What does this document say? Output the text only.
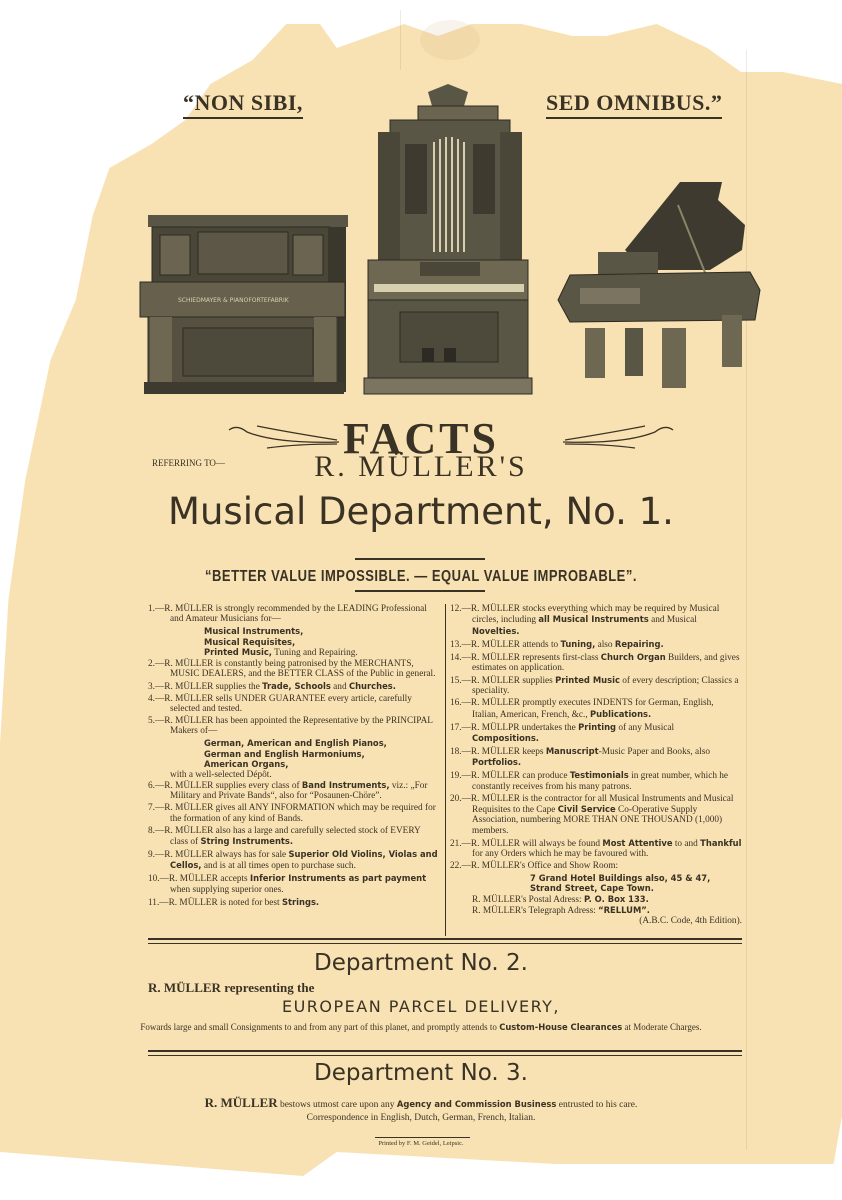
“NON SIBI,	SED OMNIBUS.”
SCHIEDMAYER & PIANOFORTEFABRIK
FACTS
REFERRING TO—	R. MÜLLER'S
Musical Department, No. 1.
“BETTER VALUE IMPOSSIBLE. — EQUAL VALUE IMPROBABLE”.
1.—R. MÜLLER is strongly recommended by the LEADING Professional and Amateur Musicians for—
Musical Instruments,
Musical Requisites,
Printed Music, Tuning and Repairing.
2.—R. MÜLLER is constantly being patronised by the MERCHANTS, MUSIC DEALERS, and the BETTER CLASS of the Public in general.
3.—R. MÜLLER supplies the Trade, Schools and Churches.
4.—R. MÜLLER sells UNDER GUARANTEE every article, carefully selected and tested.
5.—R. MÜLLER has been appointed the Representative by the PRINCIPAL Makers of—
German, American and English Pianos,
German and English Harmoniums,
American Organs,
with a well-selected Dépôt.
6.—R. MÜLLER supplies every class of Band Instruments, viz.: „For Military and Private Bands“, also for “Posaunen-Chöre”.
7.—R. MÜLLER gives all ANY INFORMATION which may be required for the formation of any kind of Bands.
8.—R. MÜLLER also has a large and carefully selected stock of EVERY class of String Instruments.
9.—R. MÜLLER always has for sale Superior Old Violins, Violas and Cellos, and is at all times open to purchase such.
10.—R. MÜLLER accepts Inferior Instruments as part payment when supplying superior ones.
11.—R. MÜLLER is noted for best Strings.
12.—R. MÜLLER stocks everything which may be required by Musical circles, including all Musical Instruments and Musical Novelties.
13.—R. MÜLLER attends to Tuning, also Repairing.
14.—R. MÜLLER represents first-class Church Organ Builders, and gives estimates on application.
15.—R. MÜLLER supplies Printed Music of every description; Classics a speciality.
16.—R. MÜLLER promptly executes INDENTS for German, English, Italian, American, French, &c., Publications.
17.—R. MÜLLPR undertakes the Printing of any Musical Compositions.
18.—R. MÜLLER keeps Manuscript-Music Paper and Books, also Portfolios.
19.—R. MÜLLER can produce Testimonials in great number, which he constantly receives from his many patrons.
20.—R. MÜLLER is the contractor for all Musical Instruments and Musical Requisites to the Cape Civil Service Co-Operative Supply Association, numbering MORE THAN ONE THOUSAND (1,000) members.
21.—R. MÜLLER will always be found Most Attentive to and Thankful for any Orders which he may be favoured with.
22.—R. MÜLLER's Office and Show Room:
7 Grand Hotel Buildings also, 45 & 47, Strand Street, Cape Town.
R. MÜLLER's Postal Adress: P. O. Box 133.
R. MÜLLER's Telegraph Adress: “RELLUM”.
(A.B.C. Code, 4th Edition).
Department No. 2.
R. MÜLLER representing the
EUROPEAN PARCEL DELIVERY,
Fowards large and small Consignments to and from any part of this planet, and promptly attends to Custom-House Clearances at Moderate Charges.
Department No. 3.
R. MÜLLER bestows utmost care upon any Agency and Commission Business entrusted to his care.
Correspondence in English, Dutch, German, French, Italian.
Printed by F. M. Geidel, Leipsic.
